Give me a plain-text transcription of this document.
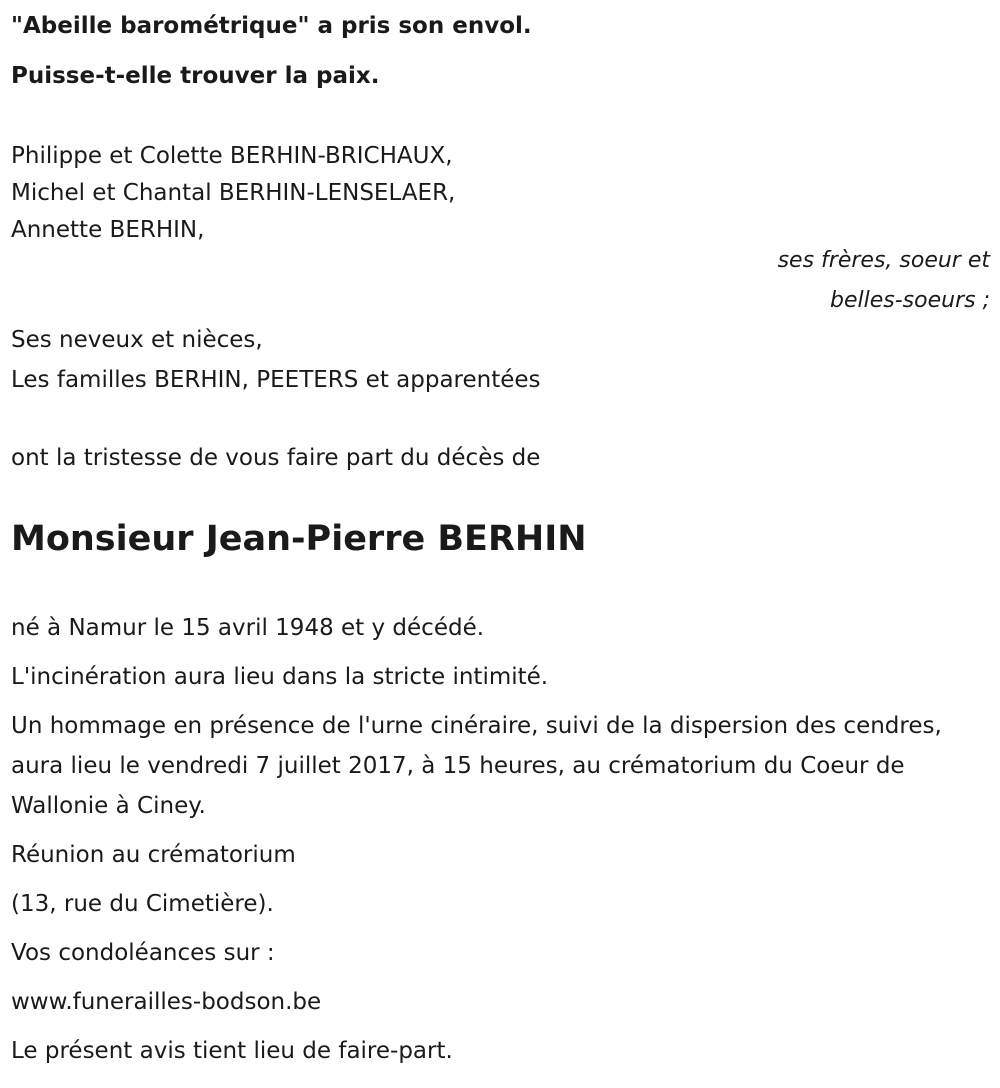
"Abeille barométrique" a pris son envol.
Puisse-t-elle trouver la paix.
Philippe et Colette BERHIN-BRICHAUX,
Michel et Chantal BERHIN-LENSELAER,
Annette BERHIN,
ses frères, soeur et
belles-soeurs ;
Ses neveux et nièces,
Les familles BERHIN, PEETERS et apparentées
ont la tristesse de vous faire part du décès de
Monsieur Jean-Pierre BERHIN

né à Namur le 15 avril 1948 et y décédé.

L'incinération aura lieu dans la stricte intimité.

Un hommage en présence de l'urne cinéraire, suivi de la dispersion des cendres, aura lieu le vendredi 7 juillet 2017, à 15 heures, au crématorium du Coeur de Wallonie à Ciney.

Réunion au crématorium

(13, rue du Cimetière).

Vos condoléances sur :

www.funerailles-bodson.be

Le présent avis tient lieu de faire-part.
